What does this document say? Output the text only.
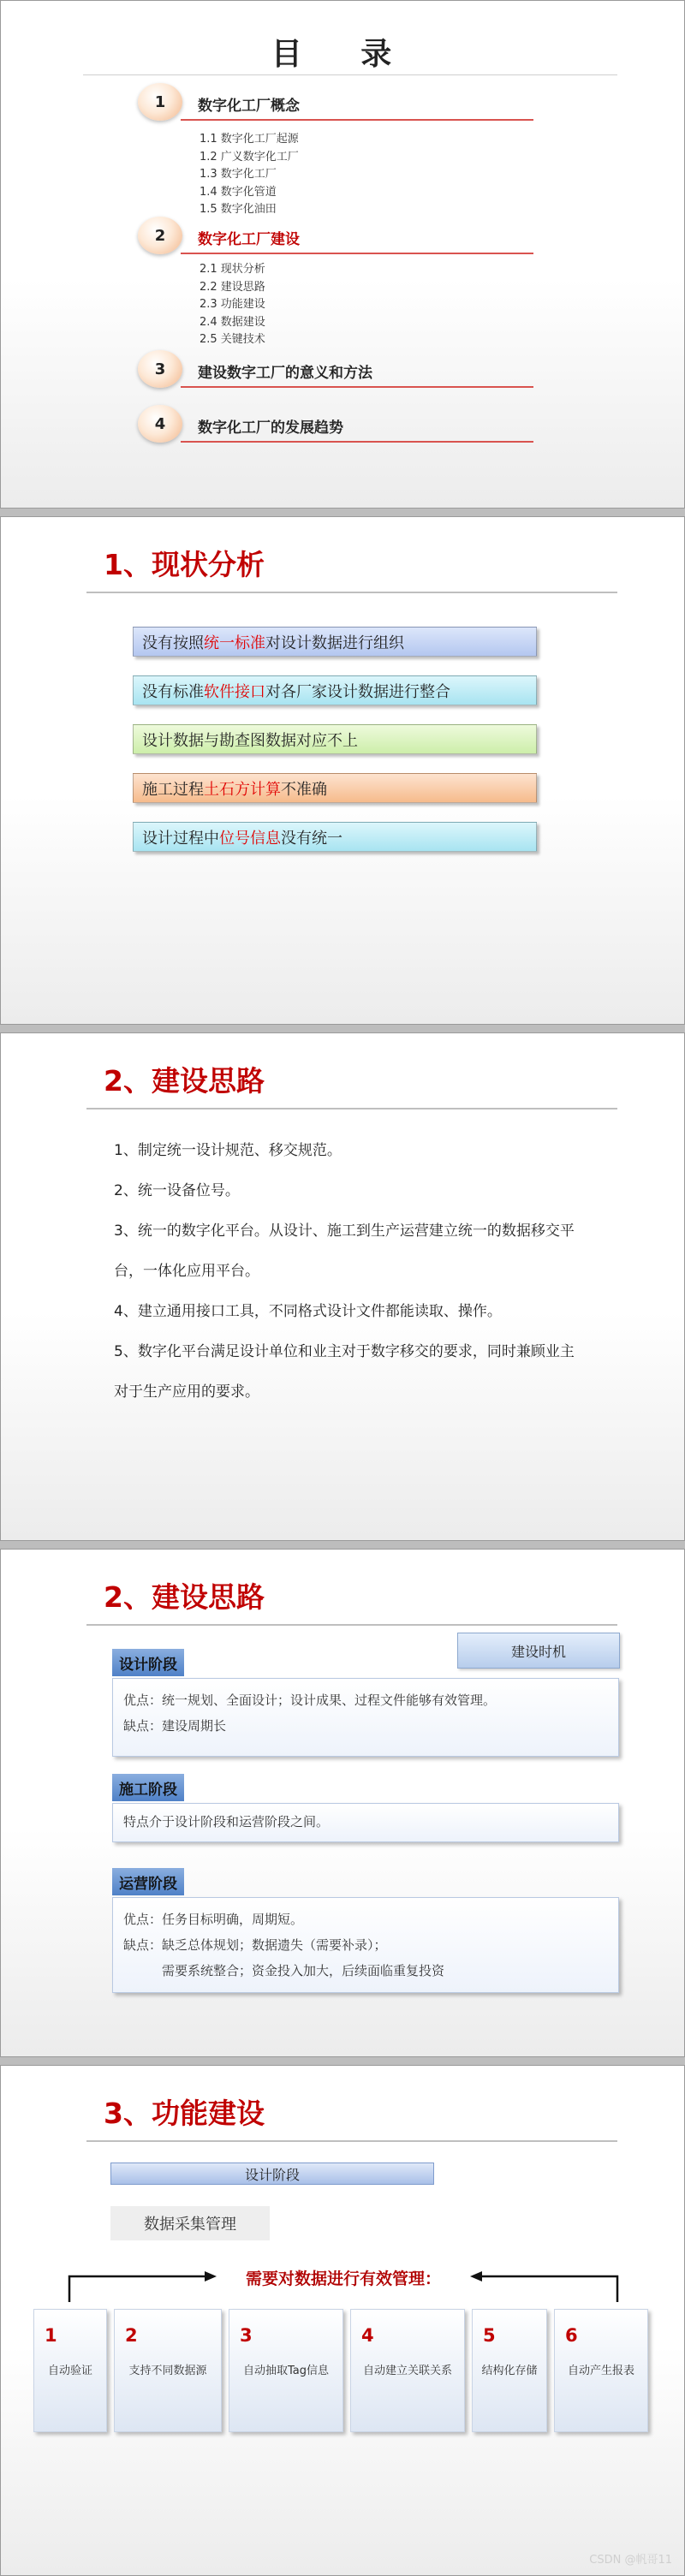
目 录
1	数字化工厂概念
1.1 数字化工厂起源
1.2 广义数字化工厂
1.3 数字化工厂
1.4 数字化管道
1.5 数字化油田
2	数字化工厂建设
2.1 现状分析
2.2 建设思路
2.3 功能建设
2.4 数据建设
2.5 关键技术
3	建设数字工厂的意义和方法
4	数字化工厂的发展趋势
1、现状分析
没有按照 统一标准 对设计数据进行组织
没有标准 软件接口 对各厂家设计数据进行整合
设计数据与勘查图数据对应不上
施工过程 土石方计算 不准确
设计过程中 位号信息 没有统一
2、建设思路
1、制定统一设计规范、移交规范。
2、统一设备位号。
3、统一的数字化平台。从设计、施工到生产运营建立统一的数据移交平台，一体化应用平台。
4、建立通用接口工具，不同格式设计文件都能读取、操作。
5、数字化平台满足设计单位和业主对于数字移交的要求，同时兼顾业主对于生产应用的要求。
2、建设思路
建设时机
设计阶段
优点：统一规划、全面设计；设计成果、过程文件能够有效管理。
缺点：建设周期长
施工阶段
特点介于设计阶段和运营阶段之间。
运营阶段
优点：任务目标明确，周期短。
缺点：缺乏总体规划；数据遗失（需要补录）；
　　　需要系统整合；资金投入加大，后续面临重复投资
3、功能建设
设计阶段
数据采集管理
需要对数据进行有效管理：
1
自动验证
2
支持不同数据源
3
自动抽取Tag信息
4
自动建立关联关系
5
结构化存储
6
自动产生报表
CSDN @帆哥11
